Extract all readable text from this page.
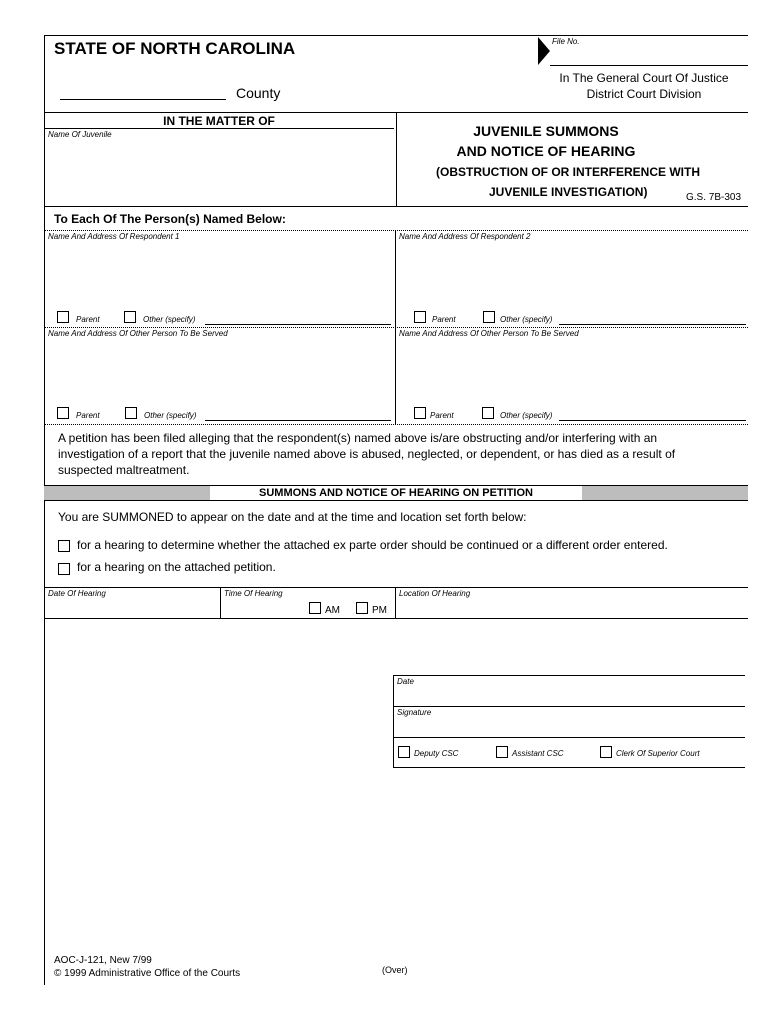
STATE OF NORTH CAROLINA
County
File No.
In The General Court Of Justice
District Court Division
IN THE MATTER OF
Name Of Juvenile	JUVENILE SUMMONS
AND NOTICE OF HEARING
(OBSTRUCTION OF OR INTERFERENCE WITH
JUVENILE INVESTIGATION)	G.S. 7B-303
To Each Of The Person(s) Named Below:
Name And Address Of Respondent 1
Parent	Other (specify)
Name And Address Of Respondent 2
Parent	Other (specify)
Name And Address Of Other Person To Be Served
Parent	Other (specify)
Name And Address Of Other Person To Be Served
Parent	Other (specify)
A petition has been filed alleging that the respondent(s) named above is/are obstructing and/or interfering with an investigation of a report that the juvenile named above is abused, neglected, or dependent, or has died as a result of suspected maltreatment.
SUMMONS AND NOTICE OF HEARING ON PETITION
You are SUMMONED to appear on the date and at the time and location set forth below:
for a hearing to determine whether the attached ex parte order should be continued or a different order entered.
for a hearing on the attached petition.
Date Of Hearing	Time Of Hearing
AM	PM
Location Of Hearing
Date
Signature
Deputy CSC	Assistant CSC	Clerk Of Superior Court
AOC-J-121, New 7/99
© 1999 Administrative Office of the Courts	(Over)
